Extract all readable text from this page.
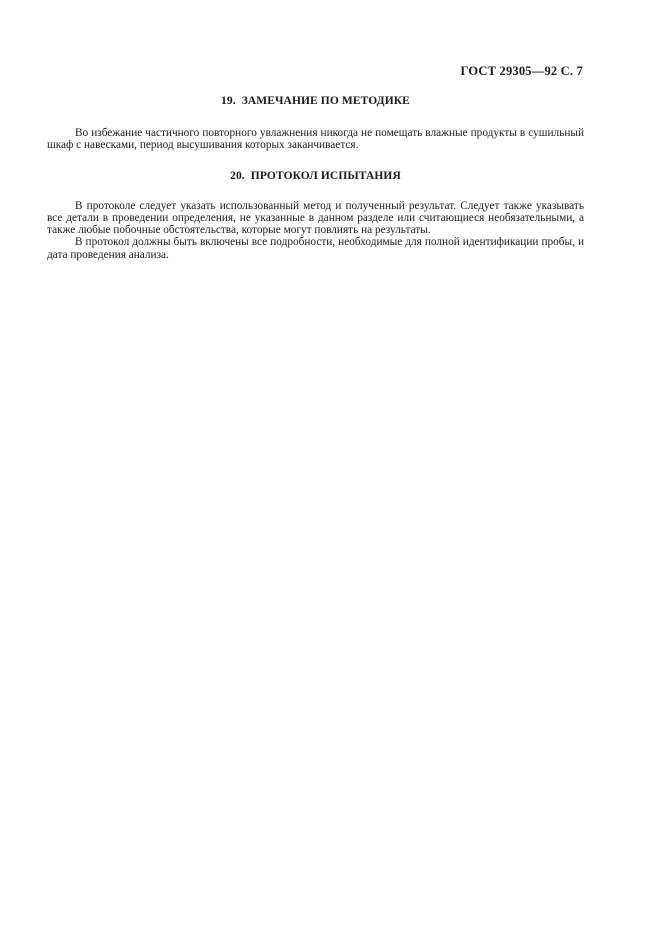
ГОСТ 29305—92 С. 7
19. ЗАМЕЧАНИЕ ПО МЕТОДИКЕ

Во избежание частичного повторного увлажнения никогда не помещать влажные продукты в сушильный шкаф с навесками, период высушивания которых заканчивается.

20. ПРОТОКОЛ ИСПЫТАНИЯ

В протоколе следует указать использованный метод и полученный результат. Следует также указывать все детали в проведении определения, не указанные в данном разделе или считающиеся необязательными, а также любые побочные обстоятельства, которые могут повлиять на результаты.

В протокол должны быть включены все подробности, необходимые для полной идентификации пробы, и дата проведения анализа.
